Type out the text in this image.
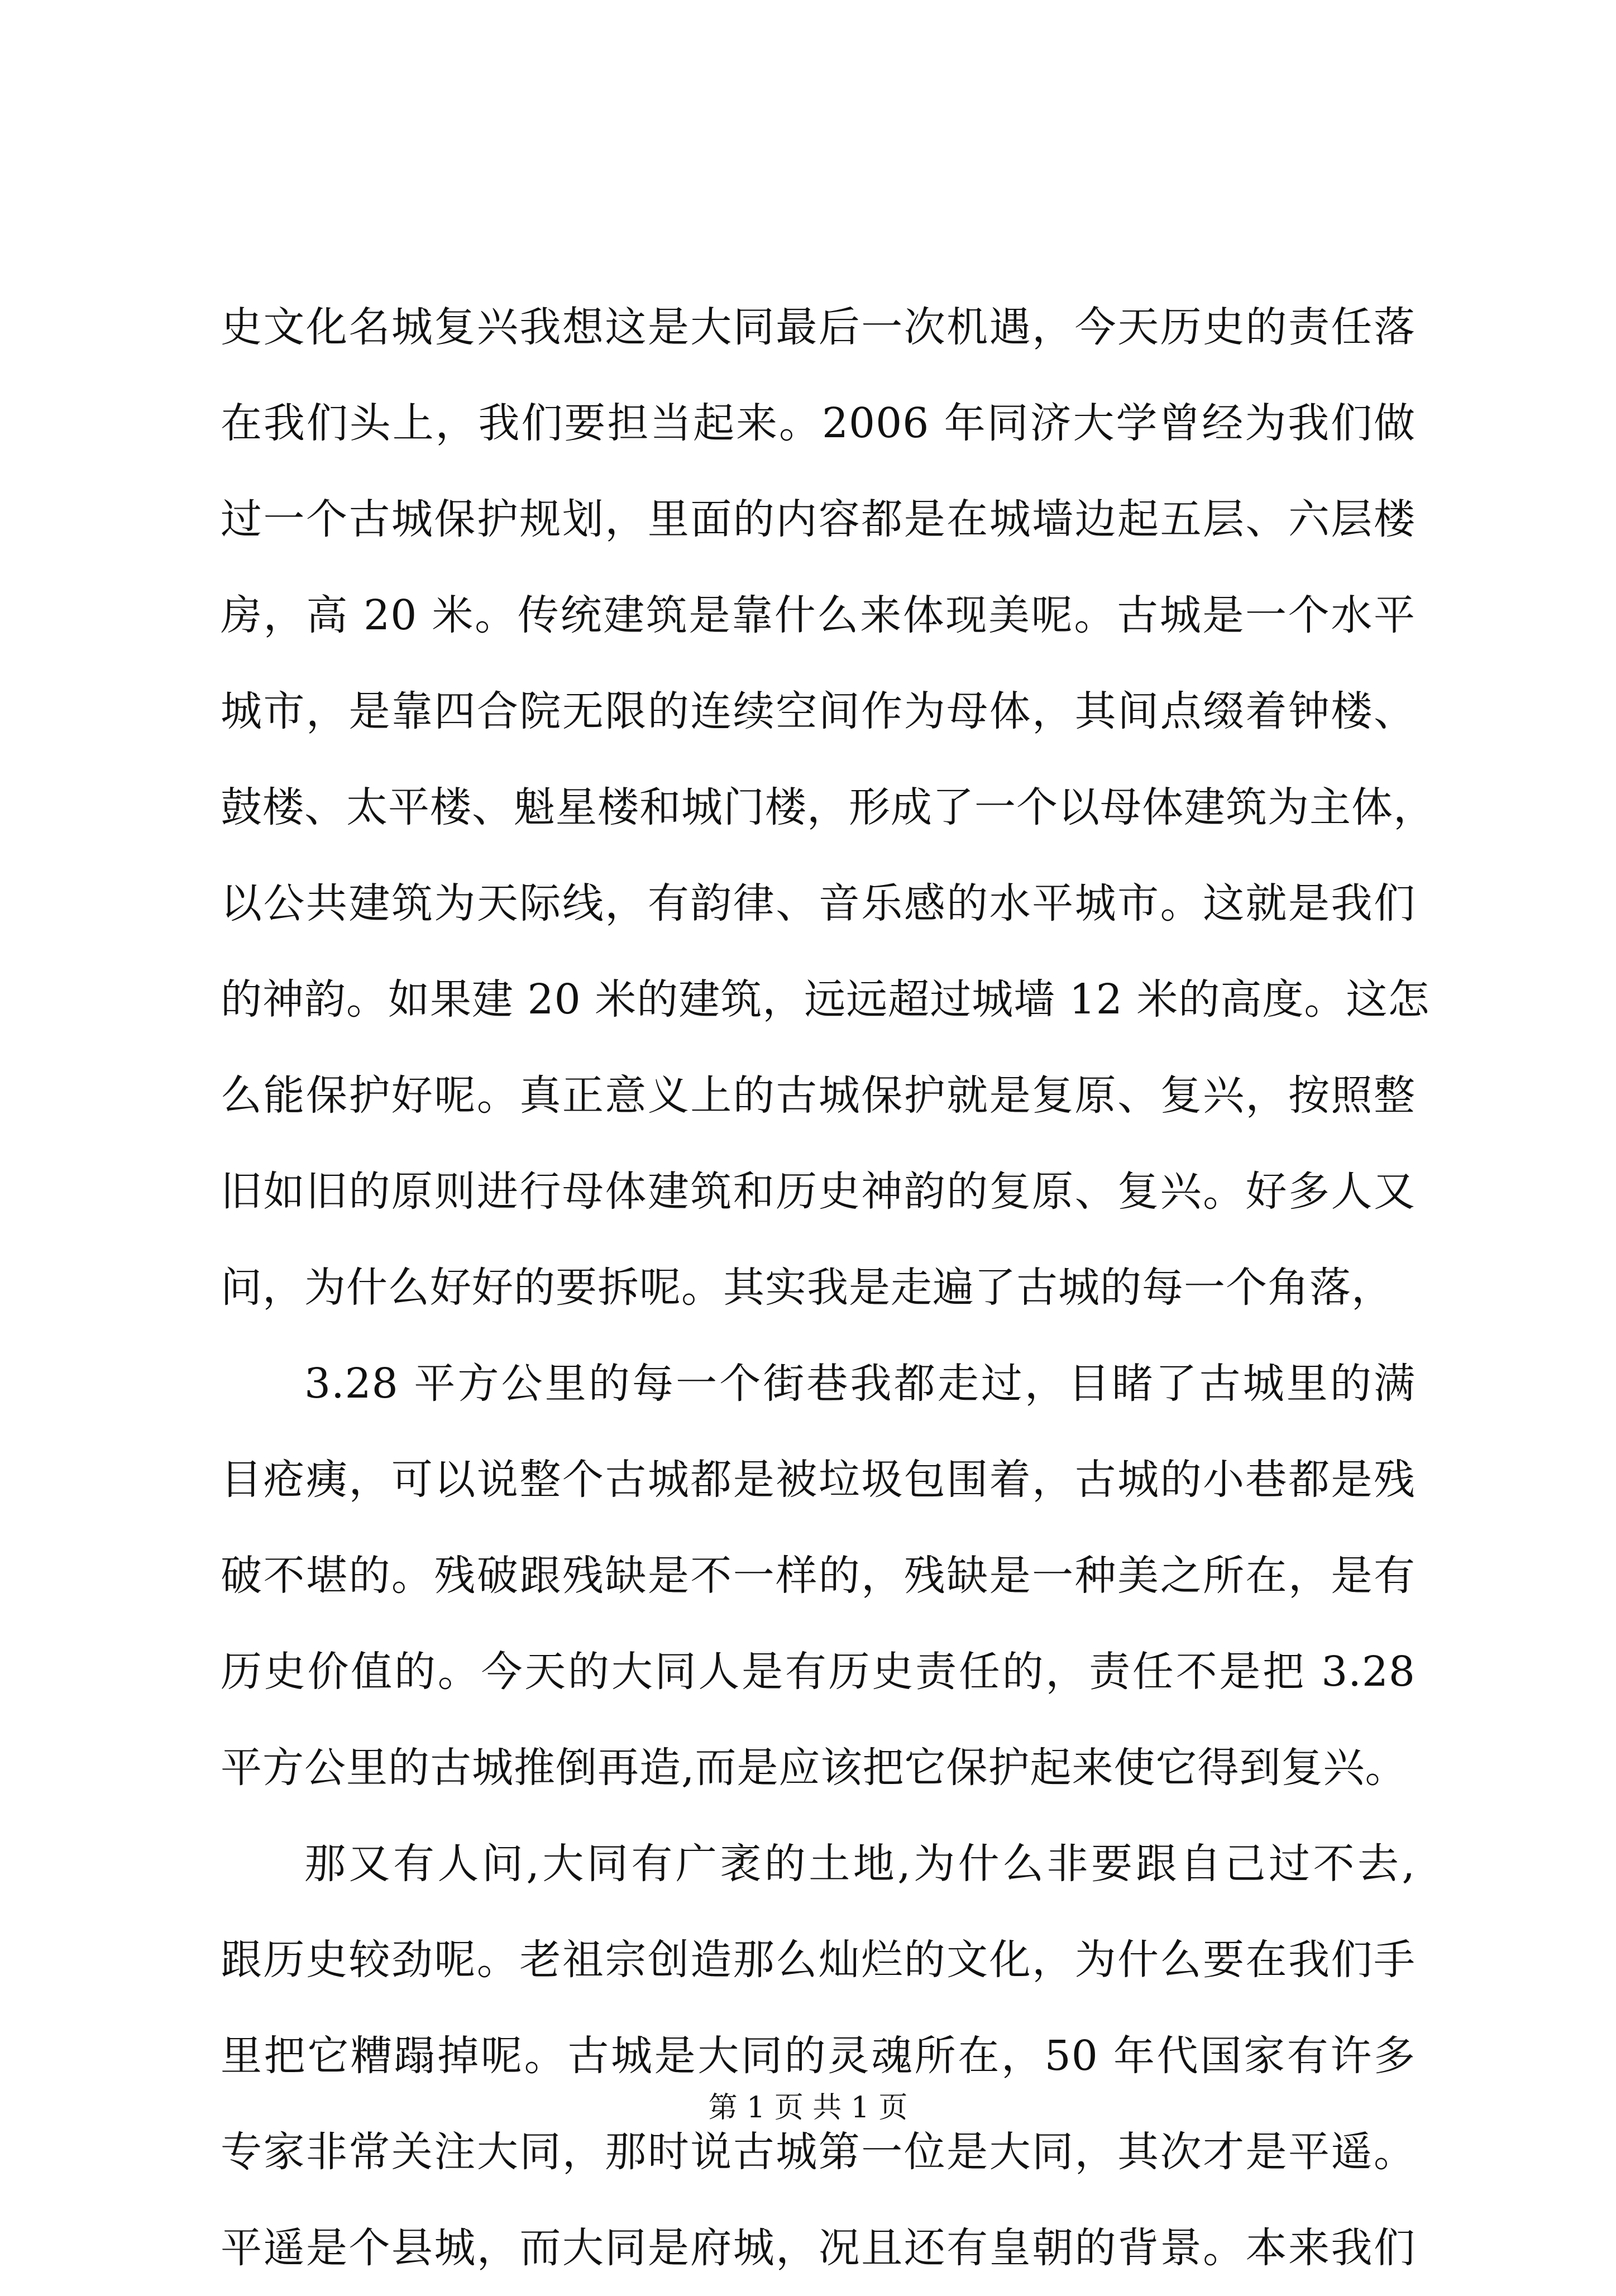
史文化名城复兴我想这是大同最后一次机遇，今天历史的责任落

在我们头上，我们要担当起来。2006 年同济大学曾经为我们做

过一个古城保护规划，里面的内容都是在城墙边起五层、六层楼

房，高 20 米。传统建筑是靠什么来体现美呢。古城是一个水平

城市，是靠四合院无限的连续空间作为母体，其间点缀着钟楼、

鼓楼、太平楼、魁星楼和城门楼，形成了一个以母体建筑为主体，

以公共建筑为天际线，有韵律、音乐感的水平城市。这就是我们

的神韵。如果建 20 米的建筑，远远超过城墙 12 米的高度。这怎

么能保护好呢。真正意义上的古城保护就是复原、复兴，按照整

旧如旧的原则进行母体建筑和历史神韵的复原、复兴。好多人又

问，为什么好好的要拆呢。其实我是走遍了古城的每一个角落，

3.28 平方公里的每一个街巷我都走过，目睹了古城里的满

目疮痍，可以说整个古城都是被垃圾包围着，古城的小巷都是残

破不堪的。残破跟残缺是不一样的，残缺是一种美之所在，是有

历史价值的。今天的大同人是有历史责任的，责任不是把 3.28

平方公里的古城推倒再造,而是应该把它保护起来使它得到复兴。

那又有人问,大同有广袤的土地,为什么非要跟自己过不去,

跟历史较劲呢。老祖宗创造那么灿烂的文化，为什么要在我们手

里把它糟蹋掉呢。古城是大同的灵魂所在，50 年代国家有许多

专家非常关注大同，那时说古城第一位是大同，其次才是平遥。

平遥是个县城，而大同是府城，况且还有皇朝的背景。本来我们

第 1 页 共 1 页
